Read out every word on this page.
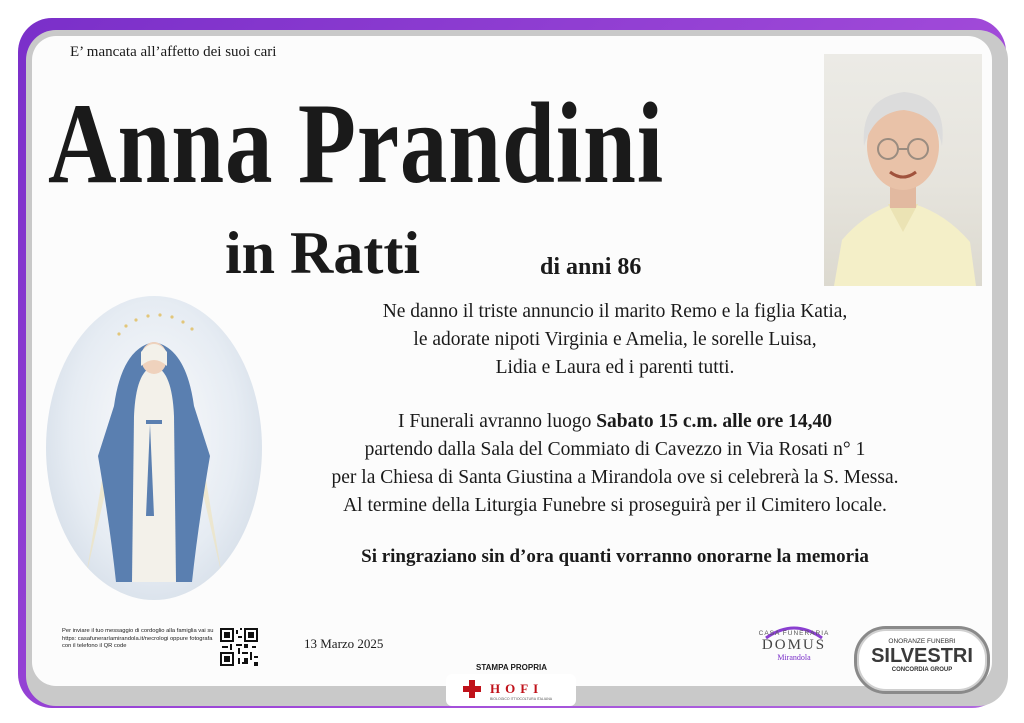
E’ mancata all’affetto dei suoi cari
Anna Prandini
in Ratti	di anni 86
Ne danno il triste annuncio il marito Remo e la figlia Katia,
le adorate nipoti Virginia e Amelia, le sorelle Luisa,
Lidia e Laura ed i parenti tutti.
I Funerali avranno luogo Sabato 15 c.m. alle ore 14,40
partendo dalla Sala del Commiato di Cavezzo in Via Rosati n° 1
per la Chiesa di Santa Giustina a Mirandola ove si celebrerà la S. Messa.
Al termine della Liturgia Funebre si proseguirà per il Cimitero locale.
Si ringraziano sin d’ora quanti vorranno onorarne la memoria
Per inviare il tuo messaggio di cordoglio alla famiglia vai su https: casafuneraríamirandola.it/necrologi oppure fotografa con il telefono il QR code	13 Marzo 2025
STAMPA PROPRIA
HOFI
BIOLOGICO ITTIOCOLTURA ITALIANA
CASA FUNERARIA
DOMUS
Mirandola
ONORANZE FUNEBRI
SILVESTRI
CONCORDIA GROUP
